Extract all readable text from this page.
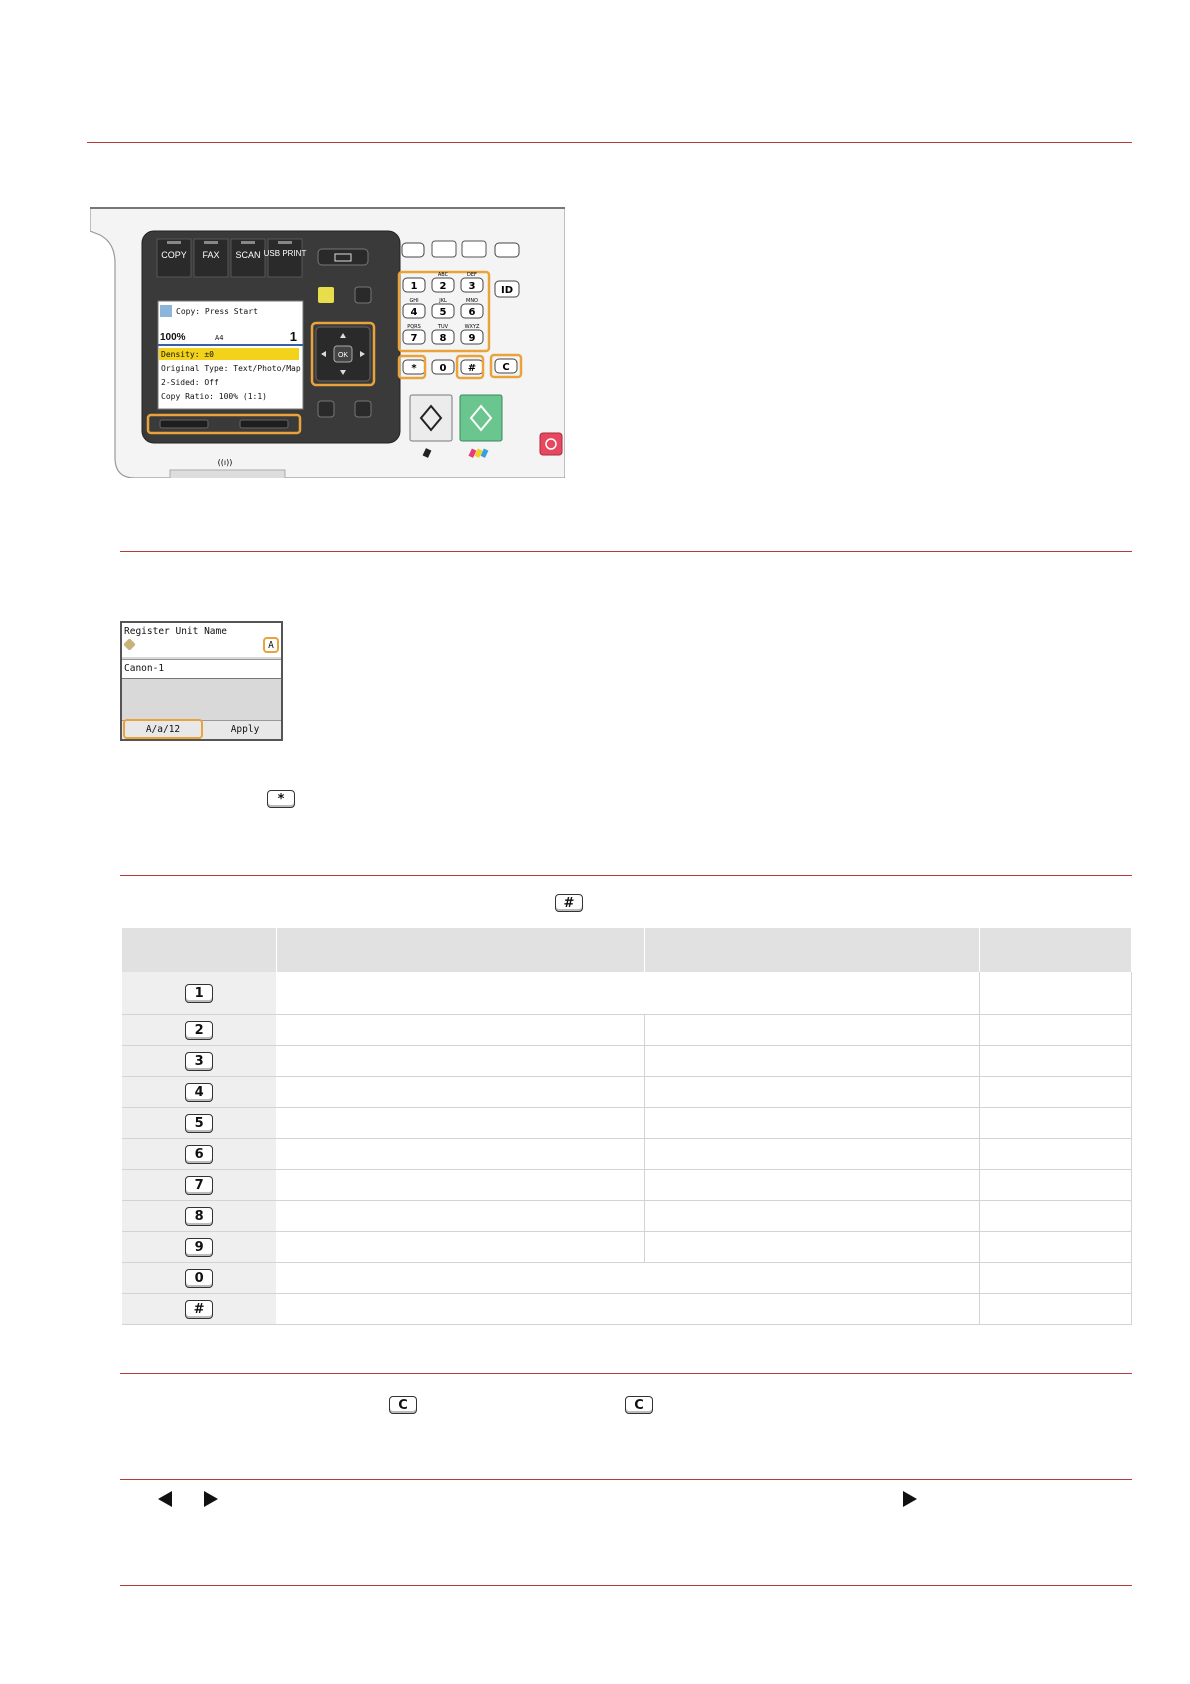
COPY FAX SCAN USB PRINT
Copy: Press Start
100%	A4	1
Density: ±0
Original Type: Text/Photo/Map
2-Sided: Off
Copy Ratio: 100% (1:1)
OK
1 2
ABC
3
DEF
4
GHI
5
JKL
6
MNO
7
PQRS
8
TUV
9
WXYZ
* 0 #
ID
C
((ı))
Register Unit Name
A
Canon-1
A/a/12	Apply
*
#
C	C

1			

2			

3			

4			

5			

6			

7			

8			

9			

0			

#			
